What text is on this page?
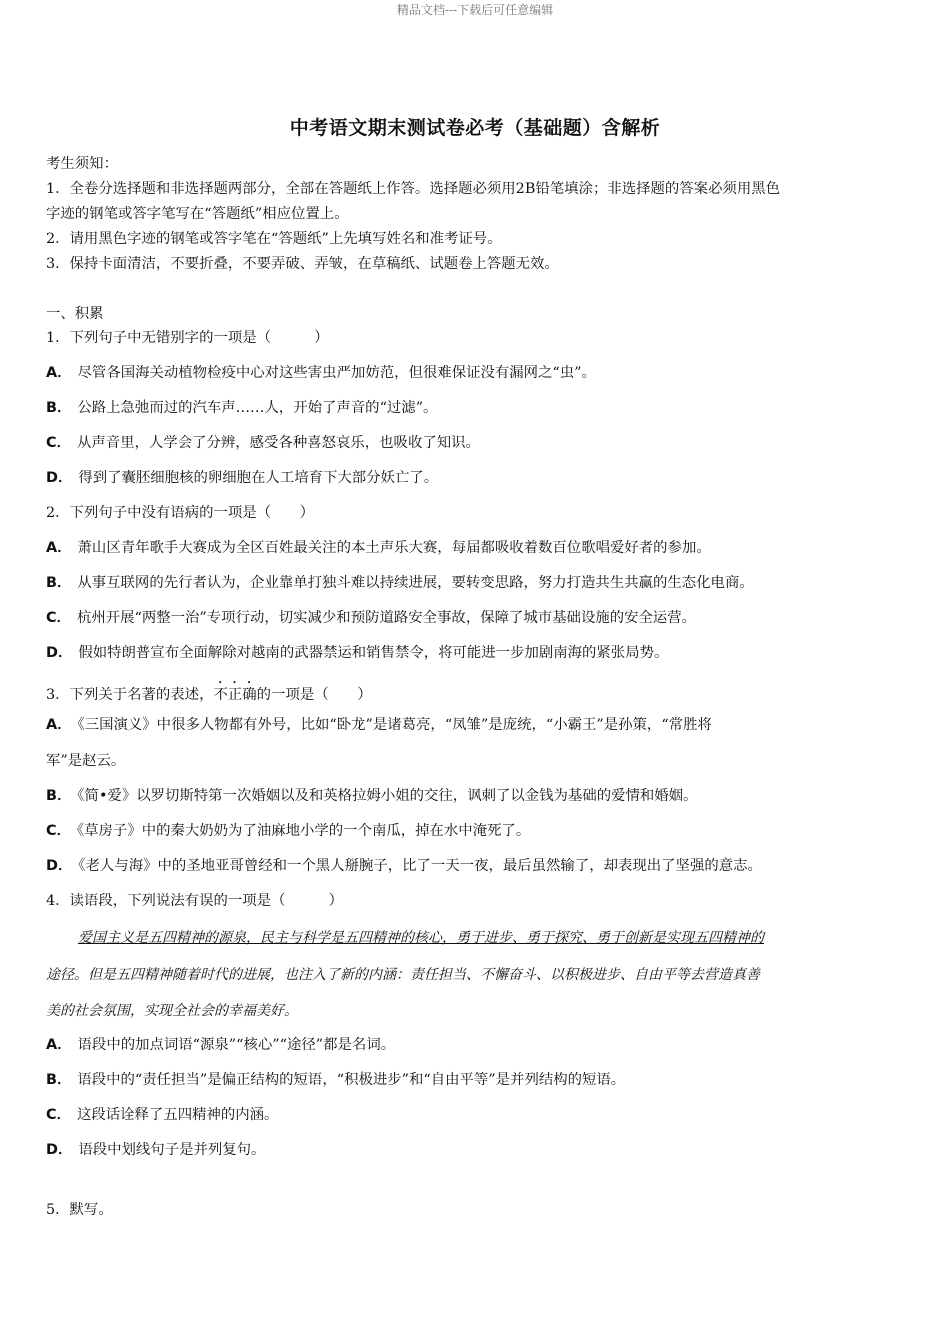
精品文档---下载后可任意编辑
中考语文期末测试卷必考（基础题）含解析
考生须知：
1．全卷分选择题和非选择题两部分，全部在答题纸上作答。选择题必须用2B铅笔填涂；非选择题的答案必须用黑色
字迹的钢笔或答字笔写在“答题纸”相应位置上。
2．请用黑色字迹的钢笔或答字笔在“答题纸”上先填写姓名和准考证号。
3．保持卡面清洁，不要折叠，不要弄破、弄皱，在草稿纸、试题卷上答题无效。
一、积累
1．下列句子中无错别字的一项是（　　　）
A． 尽管各国海关动植物检疫中心对这些害虫严加妨范，但很难保证没有漏网之“虫”。
B． 公路上急弛而过的汽车声……人，开始了声音的“过滤”。
C． 从声音里，人学会了分辨，感受各种喜怒哀乐，也吸收了知识。
D． 得到了囊胚细胞核的卵细胞在人工培育下大部分妖亡了。
2．下列句子中没有语病的一项是（　　）
A． 萧山区青年歌手大赛成为全区百姓最关注的本土声乐大赛，每届都吸收着数百位歌唱爱好者的参加。
B． 从事互联网的先行者认为，企业靠单打独斗难以持续进展，要转变思路，努力打造共生共赢的生态化电商。
C． 杭州开展“两整一治”专项行动，切实减少和预防道路安全事故，保障了城市基础设施的安全运营。
D． 假如特朗普宣布全面解除对越南的武器禁运和销售禁令，将可能进一步加剧南海的紧张局势。
3．下列关于名著的表述，不正确的一项是（　　）
A． 《三国演义》中很多人物都有外号，比如“卧龙”是诸葛亮，“凤雏”是庞统，“小霸王”是孙策，“常胜将
军”是赵云。
B． 《简•爱》以罗切斯特第一次婚姻以及和英格拉姆小姐的交往，讽刺了以金钱为基础的爱情和婚姻。
C． 《草房子》中的秦大奶奶为了油麻地小学的一个南瓜，掉在水中淹死了。
D． 《老人与海》中的圣地亚哥曾经和一个黑人掰腕子，比了一天一夜，最后虽然输了，却表现出了坚强的意志。
4．读语段，下列说法有误的一项是（　　　）
爱国主义是五四精神的源泉，民主与科学是五四精神的核心，勇于进步、勇于探究、勇于创新是实现五四精神的
途径。但是五四精神随着时代的进展，也注入了新的内涵：责任担当、不懈奋斗、以积极进步、自由平等去营造真善
美的社会氛围，实现全社会的幸福美好。
A． 语段中的加点词语“源泉”“核心”“途径”都是名词。
B． 语段中的“责任担当”是偏正结构的短语，“积极进步”和“自由平等”是并列结构的短语。
C． 这段话诠释了五四精神的内涵。
D． 语段中划线句子是并列复句。
5．默写。
